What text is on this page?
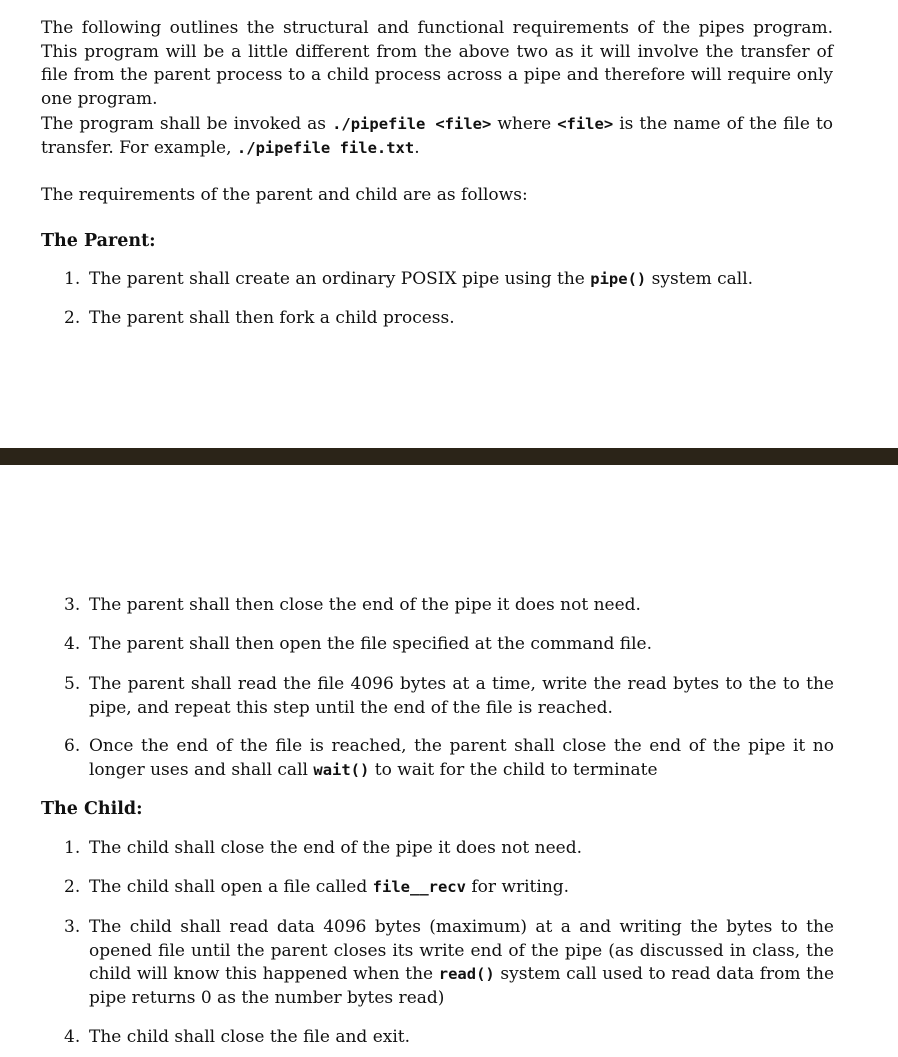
The following outlines the structural and functional requirements of the pipes program. This program will be a little different from the above two as it will involve the transfer of file from the parent process to a child process across a pipe and therefore will require only one program.

The program shall be invoked as ./pipefile <file> where <file> is the name of the file to transfer. For example, ./pipefile file.txt.

The requirements of the parent and child are as follows:

The Parent:
1. The parent shall create an ordinary POSIX pipe using the pipe() system call.
2. The parent shall then fork a child process.
3. The parent shall then close the end of the pipe it does not need.
4. The parent shall then open the file specified at the command file.
5. The parent shall read the file 4096 bytes at a time, write the read bytes to the to the pipe, and repeat this step until the end of the file is reached.
6. Once the end of the file is reached, the parent shall close the end of the pipe it no longer uses and shall call wait() to wait for the child to terminate
The Child:
1. The child shall close the end of the pipe it does not need.
2. The child shall open a file called file__recv for writing.
3. The child shall read data 4096 bytes (maximum) at a and writing the bytes to the opened file until the parent closes its write end of the pipe (as discussed in class, the child will know this happened when the read() system call used to read data from the pipe returns 0 as the number bytes read)
4. The child shall close the file and exit.
